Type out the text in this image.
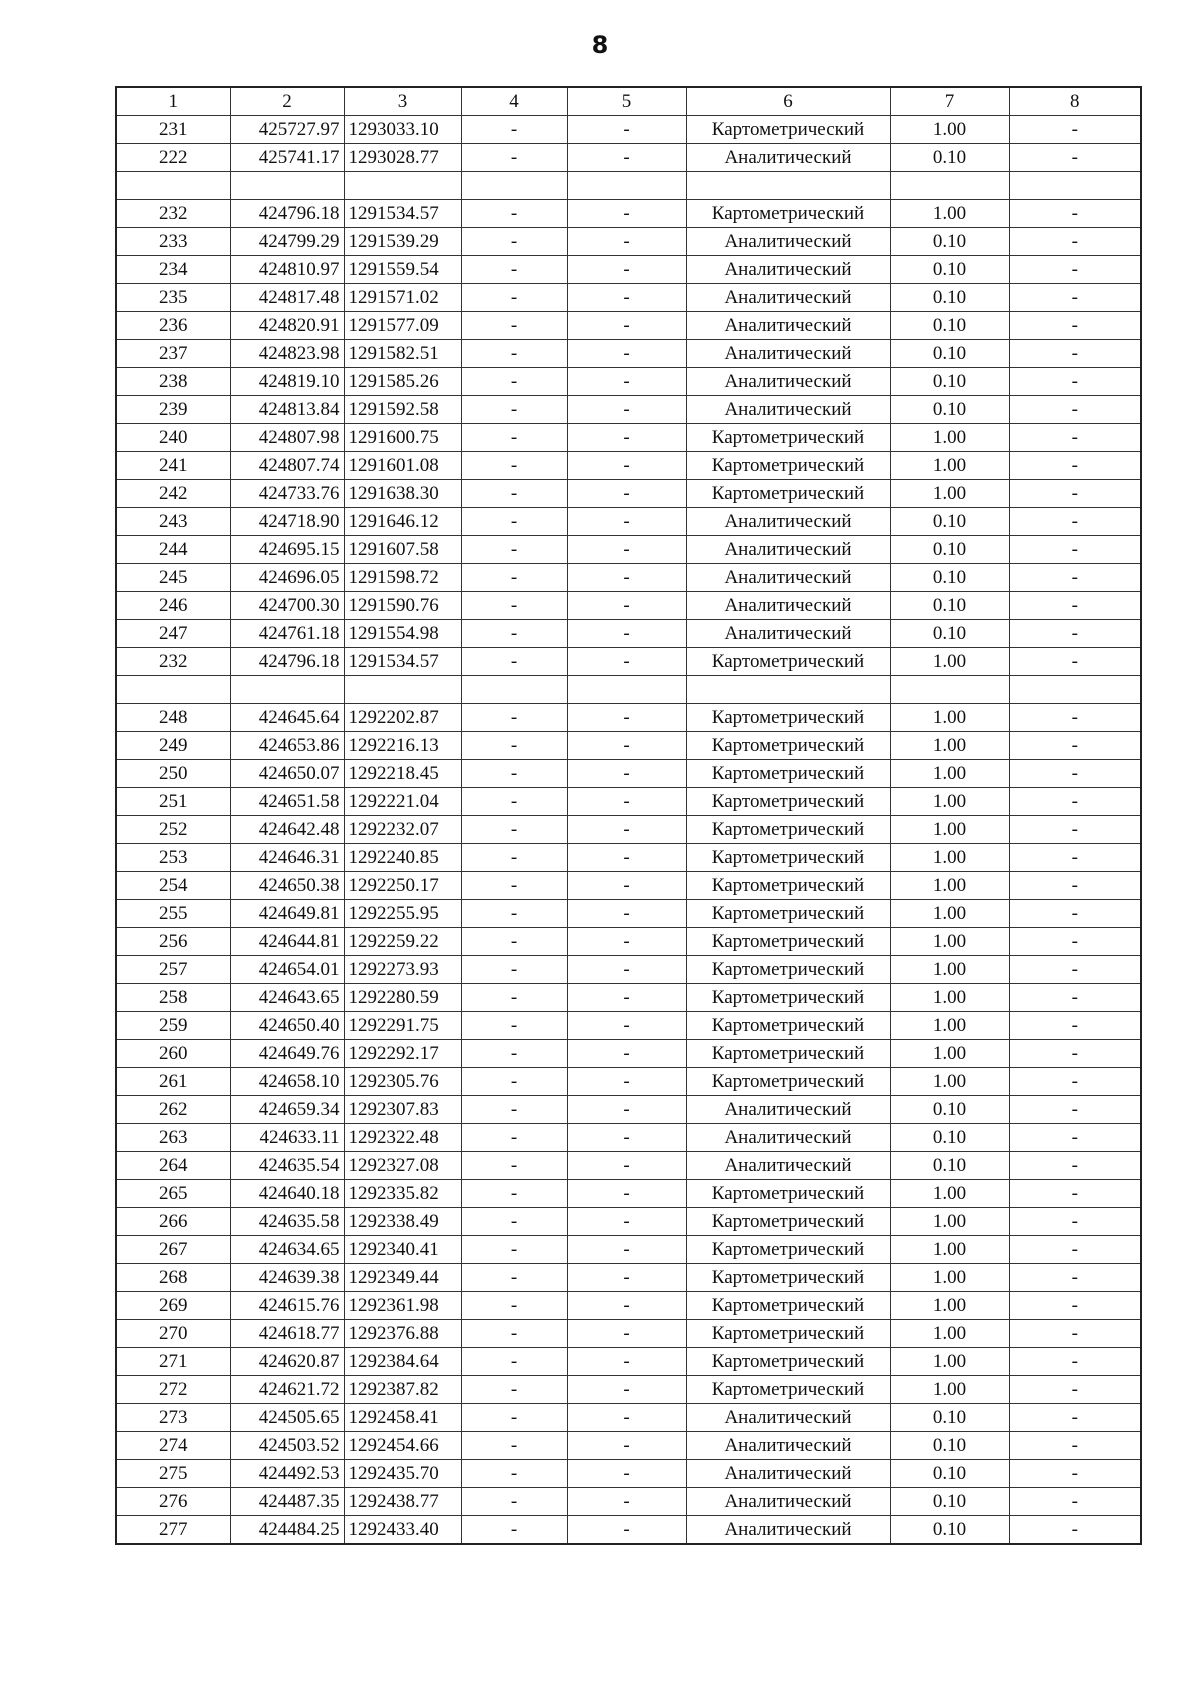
8
1	2	3	4	5	6	7	8
231	425727.97	1293033.10	-	-	Картометрический	1.00	-
222	425741.17	1293028.77	-	-	Аналитический	0.10	-

232	424796.18	1291534.57	-	-	Картометрический	1.00	-
233	424799.29	1291539.29	-	-	Аналитический	0.10	-
234	424810.97	1291559.54	-	-	Аналитический	0.10	-
235	424817.48	1291571.02	-	-	Аналитический	0.10	-
236	424820.91	1291577.09	-	-	Аналитический	0.10	-
237	424823.98	1291582.51	-	-	Аналитический	0.10	-
238	424819.10	1291585.26	-	-	Аналитический	0.10	-
239	424813.84	1291592.58	-	-	Аналитический	0.10	-
240	424807.98	1291600.75	-	-	Картометрический	1.00	-
241	424807.74	1291601.08	-	-	Картометрический	1.00	-
242	424733.76	1291638.30	-	-	Картометрический	1.00	-
243	424718.90	1291646.12	-	-	Аналитический	0.10	-
244	424695.15	1291607.58	-	-	Аналитический	0.10	-
245	424696.05	1291598.72	-	-	Аналитический	0.10	-
246	424700.30	1291590.76	-	-	Аналитический	0.10	-
247	424761.18	1291554.98	-	-	Аналитический	0.10	-
232	424796.18	1291534.57	-	-	Картометрический	1.00	-

248	424645.64	1292202.87	-	-	Картометрический	1.00	-
249	424653.86	1292216.13	-	-	Картометрический	1.00	-
250	424650.07	1292218.45	-	-	Картометрический	1.00	-
251	424651.58	1292221.04	-	-	Картометрический	1.00	-
252	424642.48	1292232.07	-	-	Картометрический	1.00	-
253	424646.31	1292240.85	-	-	Картометрический	1.00	-
254	424650.38	1292250.17	-	-	Картометрический	1.00	-
255	424649.81	1292255.95	-	-	Картометрический	1.00	-
256	424644.81	1292259.22	-	-	Картометрический	1.00	-
257	424654.01	1292273.93	-	-	Картометрический	1.00	-
258	424643.65	1292280.59	-	-	Картометрический	1.00	-
259	424650.40	1292291.75	-	-	Картометрический	1.00	-
260	424649.76	1292292.17	-	-	Картометрический	1.00	-
261	424658.10	1292305.76	-	-	Картометрический	1.00	-
262	424659.34	1292307.83	-	-	Аналитический	0.10	-
263	424633.11	1292322.48	-	-	Аналитический	0.10	-
264	424635.54	1292327.08	-	-	Аналитический	0.10	-
265	424640.18	1292335.82	-	-	Картометрический	1.00	-
266	424635.58	1292338.49	-	-	Картометрический	1.00	-
267	424634.65	1292340.41	-	-	Картометрический	1.00	-
268	424639.38	1292349.44	-	-	Картометрический	1.00	-
269	424615.76	1292361.98	-	-	Картометрический	1.00	-
270	424618.77	1292376.88	-	-	Картометрический	1.00	-
271	424620.87	1292384.64	-	-	Картометрический	1.00	-
272	424621.72	1292387.82	-	-	Картометрический	1.00	-
273	424505.65	1292458.41	-	-	Аналитический	0.10	-
274	424503.52	1292454.66	-	-	Аналитический	0.10	-
275	424492.53	1292435.70	-	-	Аналитический	0.10	-
276	424487.35	1292438.77	-	-	Аналитический	0.10	-
277	424484.25	1292433.40	-	-	Аналитический	0.10	-
